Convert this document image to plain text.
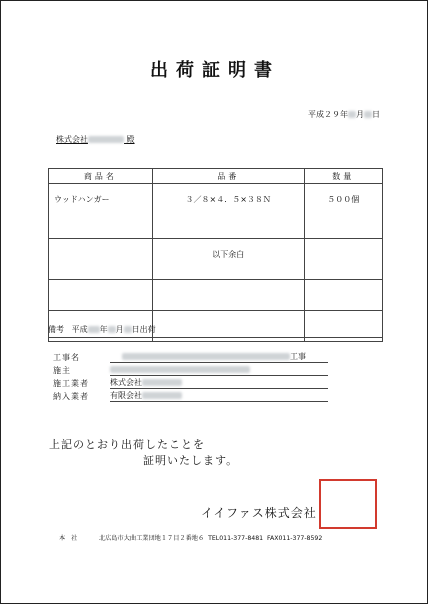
出荷証明書
平成２９年 月 日
株式会社	殿
商品名	品番	数量
ウッドハンガー	３／８×４．５×３８Ｎ	５００個
	以下余白	

備考 平成 年 月 日出荷
工事名	工事
施主
施工業者	株式会社
納入業者	有限会社
上記のとおり出荷したことを
証明いたします。
イイファス株式会社
本社	北広島市大曲工業団地１７目２番地６ TEL011-377-8481 FAX011-377-8592
